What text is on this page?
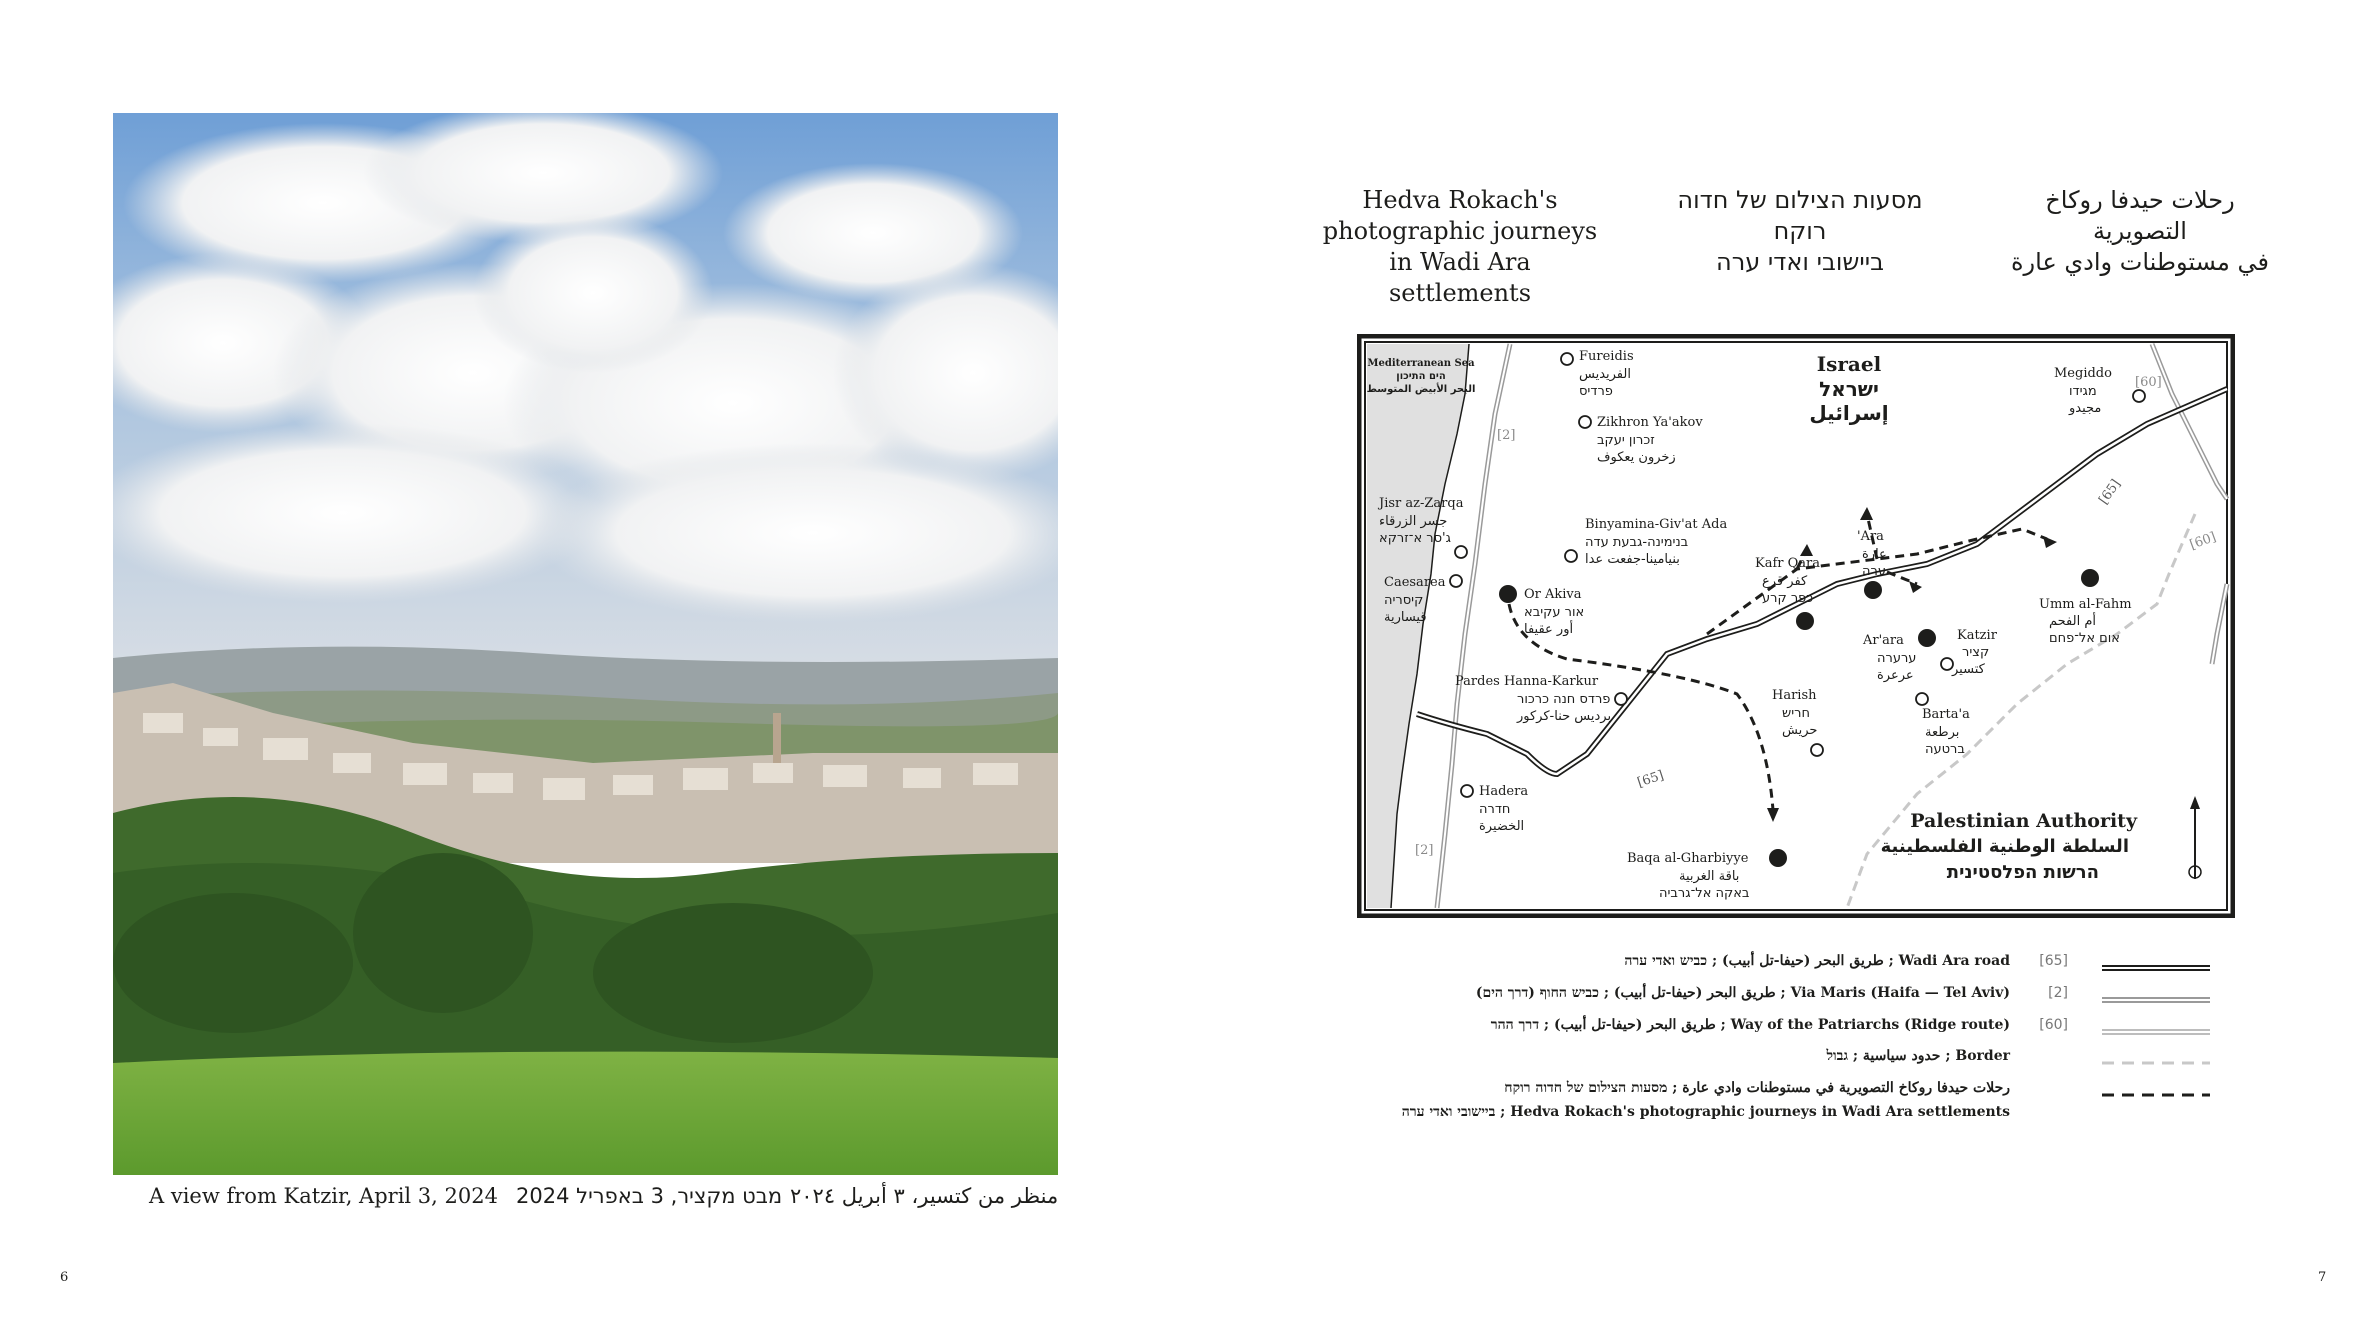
A view from Katzir, April 3, 2024 מבט מקציר, 3 באפריל 2024 منظر من كتسير، ٣ أبريل ٢٠٢٤
6	7
Hedva Rokach's
photographic journeys
in Wadi Ara settlements
מסעות הצילום של חדוה רוקח
ביישובי ואדי ערה
رحلات حيدفا روكاخ التصويرية
في مستوطنات وادي عارة
Mediterranean Sea
הים התיכון
البحر الأبيض المتوسط
[2]
[2]
[60]
[60]
[65]
[65]
Israel
ישראל
إسرائيل
Palestinian Authority
السلطة الوطنية الفلسطينية
הרשות הפלסטינית
Fureidis
الفريديس
פרדיס
Zikhron Ya'akov
זכרון יעקב
زخرون يعكوف
Jisr az-Zarqa
جسر الزرقاء
ג'סר א־זרקא
Binyamina-Giv'at Ada
בנימינה-גבעת עדה
بنيامينا-جفعت عدا
Caesarea
קיסריה
قيسارية
Or Akiva
אור עקיבא
أور عقيفا
Pardes Hanna-Karkur
פרדס חנה כרכור
برديس حنا-كركور
Hadera
חדרה
الخضيرة
Kafr Qara
كفر قرع
כפר קרע
'Ara
عارة
ערה
Ar'ara
ערערה
عرعرة
Katzir
קציר
كتسير
Harish
חריש
حريش
Barta'a
برطعة
ברטעה
Baqa al-Gharbiyye
باقة الغربية
באקה אל־גרביה
Umm al-Fahm
أم الفحم
אום אל־פחם
Megiddo
מגידו
مجيدو
طريق البحر (حيفا-تل أبيب) ; כביש ואדי ערה ; Wadi Ara road [65]
طريق البحر (حيفا-تل أبيب) ; כביש החוף (דרך הים) ; Via Maris (Haifa — Tel Aviv)	[2]
طريق البحر (حيفا-تل أبيب) ; דרך ההר ; Way of the Patriarchs (Ridge route) [60]
حدود سياسية ; גבול ; Border
رحلات حيدفا روكاخ التصويرية في مستوطنات وادي عارة ; מסעות הצילום של חדוה רוקח
ביישובי ואדי ערה ; Hedva Rokach's photographic journeys in Wadi Ara settlements
